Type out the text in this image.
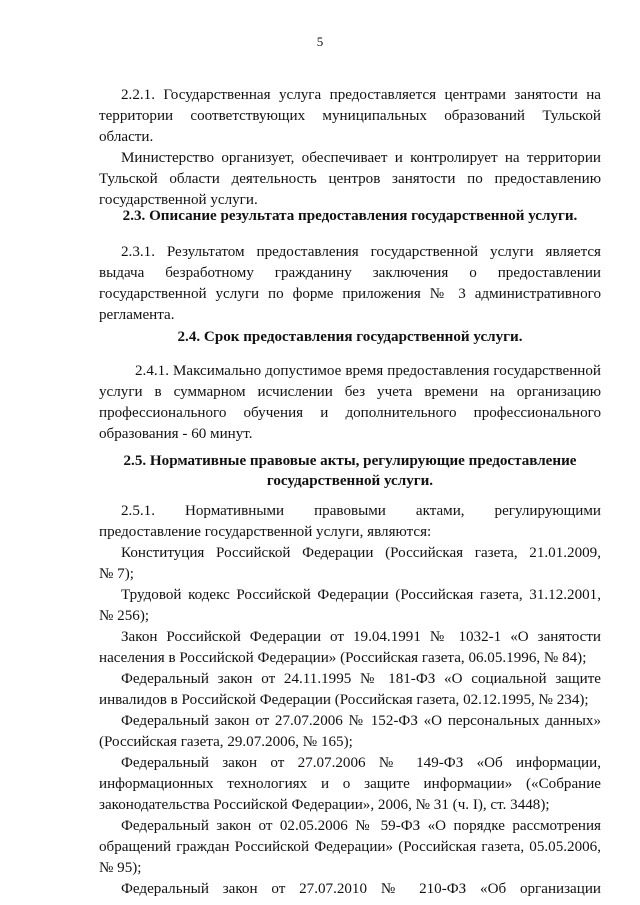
5
2.2.1. Государственная услуга предоставляется центрами занятости на
территории соответствующих муниципальных образований Тульской
области.
Министерство организует, обеспечивает и контролирует на территории
Тульской области деятельность центров занятости по предоставлению
государственной услуги.
2.3. Описание результата предоставления государственной услуги.
2.3.1. Результатом предоставления государственной услуги является
выдача безработному гражданину заключения о предоставлении
государственной услуги по форме приложения № 3 административного
регламента.
2.4. Срок предоставления государственной услуги.
2.4.1. Максимально допустимое время предоставления государственной
услуги в суммарном исчислении без учета времени на организацию
профессионального обучения и дополнительного профессионального
образования - 60 минут.
2.5. Нормативные правовые акты, регулирующие предоставление
государственной услуги.
2.5.1. Нормативными правовыми актами, регулирующими
предоставление государственной услуги, являются:
Конституция Российской Федерации (Российская газета, 21.01.2009,
№ 7);
Трудовой кодекс Российской Федерации (Российская газета, 31.12.2001,
№ 256);
Закон Российской Федерации от 19.04.1991 № 1032-1 «О занятости
населения в Российской Федерации» (Российская газета, 06.05.1996, № 84);
Федеральный закон от 24.11.1995 № 181-ФЗ «О социальной защите
инвалидов в Российской Федерации (Российская газета, 02.12.1995, № 234);
Федеральный закон от 27.07.2006 № 152-ФЗ «О персональных данных»
(Российская газета, 29.07.2006, № 165);
Федеральный закон от 27.07.2006 № 149-ФЗ «Об информации,
информационных технологиях и о защите информации» («Собрание
законодательства Российской Федерации», 2006, № 31 (ч. I), ст. 3448);
Федеральный закон от 02.05.2006 № 59-ФЗ «О порядке рассмотрения
обращений граждан Российской Федерации» (Российская газета, 05.05.2006,
№ 95);
Федеральный закон от 27.07.2010 № 210-ФЗ «Об организации
